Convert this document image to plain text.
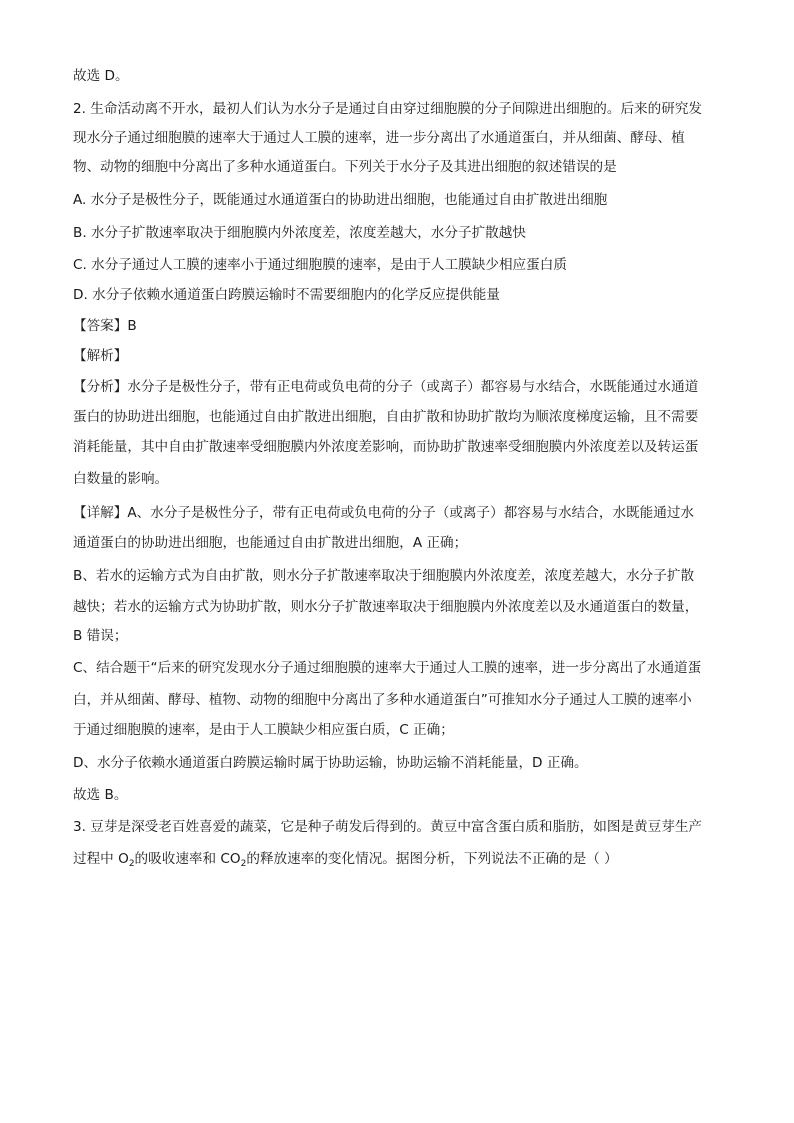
故选 D。
2. 生命活动离不开水，最初人们认为水分子是通过自由穿过细胞膜的分子间隙进出细胞的。后来的研究发
现水分子通过细胞膜的速率大于通过人工膜的速率，进一步分离出了水通道蛋白，并从细菌、酵母、植
物、动物的细胞中分离出了多种水通道蛋白。下列关于水分子及其进出细胞的叙述错误的是
A. 水分子是极性分子，既能通过水通道蛋白的协助进出细胞，也能通过自由扩散进出细胞
B. 水分子扩散速率取决于细胞膜内外浓度差，浓度差越大，水分子扩散越快
C. 水分子通过人工膜的速率小于通过细胞膜的速率，是由于人工膜缺少相应蛋白质
D. 水分子依赖水通道蛋白跨膜运输时不需要细胞内的化学反应提供能量
【答案】B
【解析】
【分析】水分子是极性分子，带有正电荷或负电荷的分子（或离子）都容易与水结合，水既能通过水通道
蛋白的协助进出细胞，也能通过自由扩散进出细胞，自由扩散和协助扩散均为顺浓度梯度运输，且不需要
消耗能量，其中自由扩散速率受细胞膜内外浓度差影响，而协助扩散速率受细胞膜内外浓度差以及转运蛋
白数量的影响。
【详解】A、水分子是极性分子，带有正电荷或负电荷的分子（或离子）都容易与水结合，水既能通过水
通道蛋白的协助进出细胞，也能通过自由扩散进出细胞，A 正确；
B、若水的运输方式为自由扩散，则水分子扩散速率取决于细胞膜内外浓度差，浓度差越大，水分子扩散
越快；若水的运输方式为协助扩散，则水分子扩散速率取决于细胞膜内外浓度差以及水通道蛋白的数量，
B 错误；
C、结合题干“后来的研究发现水分子通过细胞膜的速率大于通过人工膜的速率，进一步分离出了水通道蛋
白，并从细菌、酵母、植物、动物的细胞中分离出了多种水通道蛋白”可推知水分子通过人工膜的速率小
于通过细胞膜的速率，是由于人工膜缺少相应蛋白质，C 正确；
D、水分子依赖水通道蛋白跨膜运输时属于协助运输，协助运输不消耗能量，D 正确。
故选 B。
3. 豆芽是深受老百姓喜爱的蔬菜，它是种子萌发后得到的。黄豆中富含蛋白质和脂肪，如图是黄豆芽生产
过程中 $O_2$的吸收速率和 $CO_2$的释放速率的变化情况。据图分析，下列说法不正确的是（ ）
